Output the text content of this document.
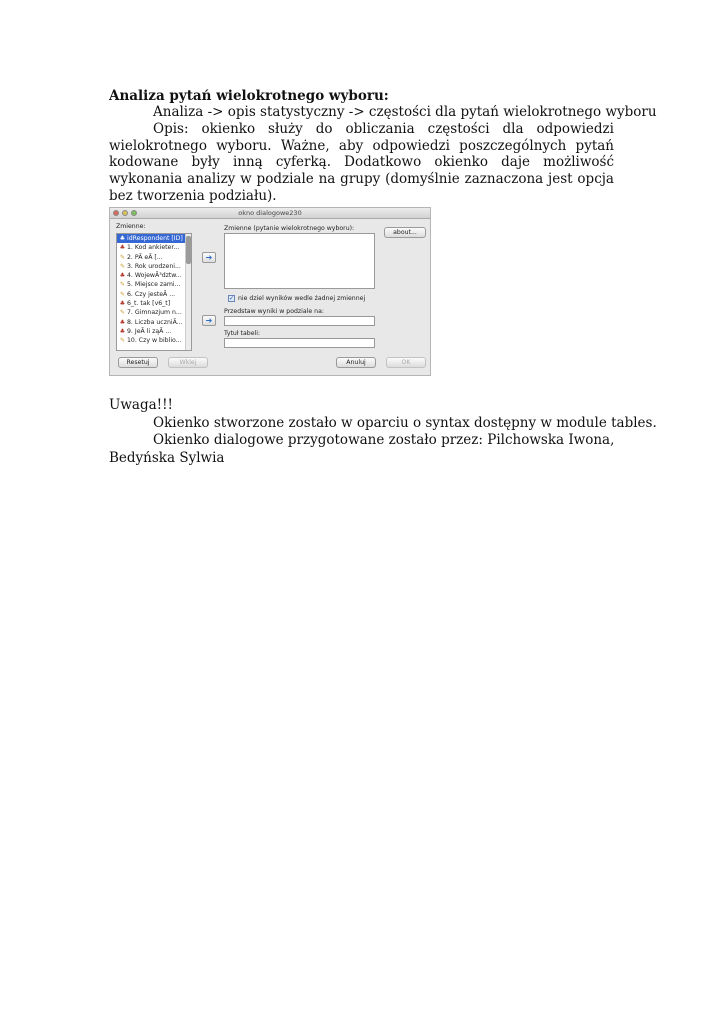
Analiza pytań wielokrotnego wyboru:
Analiza -> opis statystyczny -> częstości dla pytań wielokrotnego wyboru
Opis: okienko służy do obliczania częstości dla odpowiedzi wielokrotnego wyboru. Ważne, aby odpowiedzi poszczególnych pytań kodowane były inną cyferką. Dodatkowo okienko daje możliwość wykonania analizy w podziale na grupy (domyślnie zaznaczona jest opcja bez tworzenia podziału).
okno dialogowe230
Zmienne:
♣ idRespondent [ID]
♣ 1. Kod ankieter...
✎ 2. PÃ eÃ [...
✎ 3. Rok urodzeni...
♣ 4. WojewÃ³dztw...
✎ 5. Miejsce zami...
✎ 6. Czy jesteÃ ...
♣ 6_t. tak [v6_t]
✎ 7. Gimnazjum n...
♣ 8. Liczba uczniÃ...
♣ 9. JeÃ li ząÃ ...
✎ 10. Czy w biblio...
➔
➔
Zmienne (pytanie wielokrotnego wyboru):
about...
✓ nie dziel wyników wedle żadnej zmiennej
Przedstaw wyniki w podziale na:
Tytuł tabeli:
Resetuj	Wklej	Anuluj	OK
Uwaga!!!
Okienko stworzone zostało w oparciu o syntax dostępny w module tables.
Okienko dialogowe przygotowane zostało przez: Pilchowska Iwona,
Bedyńska Sylwia
